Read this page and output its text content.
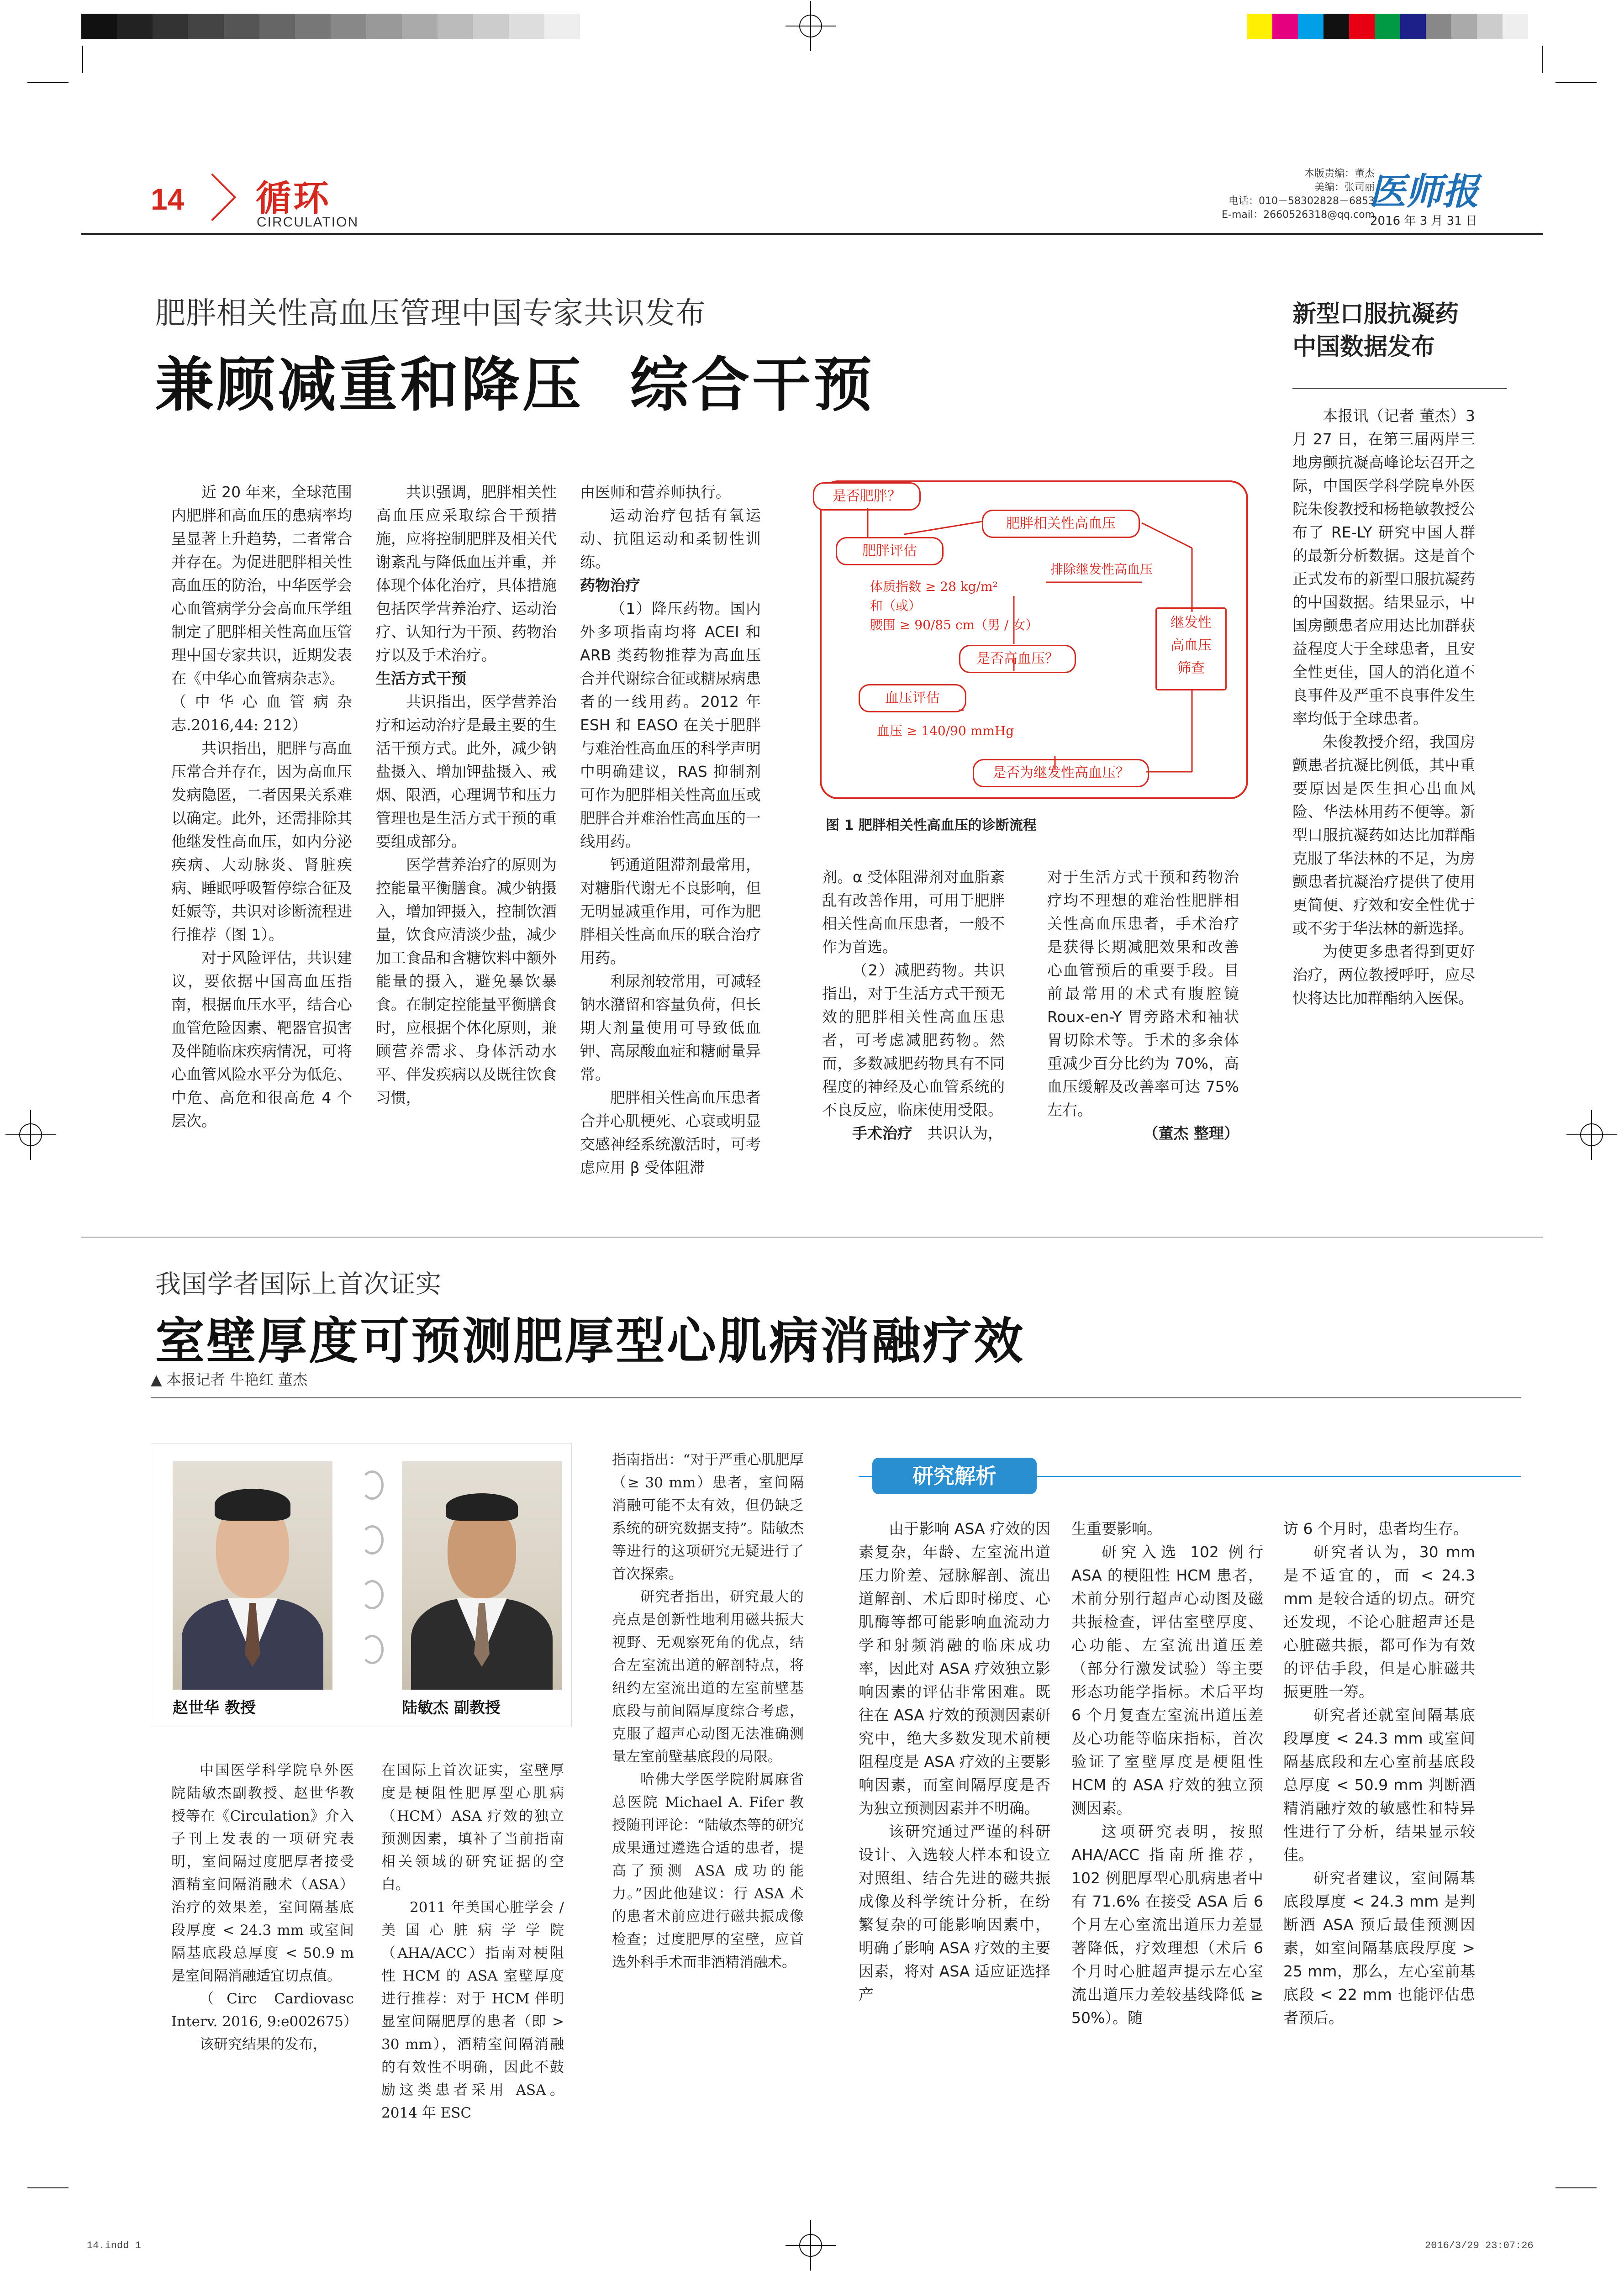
14 循环
CIRCULATION
本版责编：董杰
美编：张司丽
电话：010－58302828－6853
E-mail：2660526318@qq.com
医师报
2016 年 3 月 31 日
肥胖相关性高血压管理中国专家共识发布
兼顾减重和降压  综合干预

近 20 年来，全球范围内肥胖和高血压的患病率均呈显著上升趋势，二者常合并存在。为促进肥胖相关性高血压的防治，中华医学会心血管病学分会高血压学组制定了肥胖相关性高血压管理中国专家共识，近期发表在《中华心血管病杂志》。

（中华心血管病杂志.2016,44: 212）

共识指出，肥胖与高血压常合并存在，因为高血压发病隐匿，二者因果关系难以确定。此外，还需排除其他继发性高血压，如内分泌疾病、大动脉炎、肾脏疾病、睡眠呼吸暂停综合征及妊娠等，共识对诊断流程进行推荐（图 1）。

对于风险评估，共识建议，要依据中国高血压指南，根据血压水平，结合心血管危险因素、靶器官损害及伴随临床疾病情况，可将心血管风险水平分为低危、中危、高危和很高危 4 个层次。

共识强调，肥胖相关性高血压应采取综合干预措施，应将控制肥胖及相关代谢紊乱与降低血压并重，并体现个体化治疗，具体措施包括医学营养治疗、运动治疗、认知行为干预、药物治疗以及手术治疗。

生活方式干预

共识指出，医学营养治疗和运动治疗是最主要的生活干预方式。此外，减少钠盐摄入、增加钾盐摄入、戒烟、限酒，心理调节和压力管理也是生活方式干预的重要组成部分。

医学营养治疗的原则为控能量平衡膳食。减少钠摄入，增加钾摄入，控制饮酒量，饮食应清淡少盐，减少加工食品和含糖饮料中额外能量的摄入，避免暴饮暴食。在制定控能量平衡膳食时，应根据个体化原则，兼顾营养需求、身体活动水平、伴发疾病以及既往饮食习惯，

由医师和营养师执行。

运动治疗包括有氧运动、抗阻运动和柔韧性训练。

药物治疗

（1）降压药物。国内外多项指南均将 ACEI 和 ARB 类药物推荐为高血压合并代谢综合征或糖尿病患者的一线用药。2012 年 ESH 和 EASO 在关于肥胖与难治性高血压的科学声明中明确建议，RAS 抑制剂可作为肥胖相关性高血压或肥胖合并难治性高血压的一线用药。

钙通道阻滞剂最常用，对糖脂代谢无不良影响，但无明显减重作用，可作为肥胖相关性高血压的联合治疗用药。

利尿剂较常用，可减轻钠水潴留和容量负荷，但长期大剂量使用可导致低血钾、高尿酸血症和糖耐量异常。

肥胖相关性高血压患者合并心肌梗死、心衰或明显交感神经系统激活时，可考虑应用 β 受体阻滞

是否肥胖？
肥胖评估
体质指数 ≥ 28 kg/m²
和（或）
腰围 ≥ 90/85 cm（男 / 女）
是否高血压？
血压评估
血压 ≥ 140/90 mmHg
是否为继发性高血压？
肥胖相关性高血压
排除继发性高血压
继发性
高血压
筛查
图 1 肥胖相关性高血压的诊断流程

剂。α 受体阻滞剂对血脂紊乱有改善作用，可用于肥胖相关性高血压患者，一般不作为首选。

（2）减肥药物。共识指出，对于生活方式干预无效的肥胖相关性高血压患者，可考虑减肥药物。然而，多数减肥药物具有不同程度的神经及心血管系统的不良反应，临床使用受限。

手术治疗　 共识认为，

对于生活方式干预和药物治疗均不理想的难治性肥胖相关性高血压患者，手术治疗是获得长期减肥效果和改善心血管预后的重要手段。目前最常用的术式有腹腔镜 Roux-en-Y 胃旁路术和袖状胃切除术等。手术的多余体重减少百分比约为 70%，高血压缓解及改善率可达 75% 左右。

（董杰 整理）

新型口服抗凝药
中国数据发布

本报讯（记者 董杰）3 月 27 日，在第三届两岸三地房颤抗凝高峰论坛召开之际，中国医学科学院阜外医院朱俊教授和杨艳敏教授公布了 RE-LY 研究中国人群的最新分析数据。这是首个正式发布的新型口服抗凝药的中国数据。结果显示，中国房颤患者应用达比加群获益程度大于全球患者，且安全性更佳，国人的消化道不良事件及严重不良事件发生率均低于全球患者。

朱俊教授介绍，我国房颤患者抗凝比例低，其中重要原因是医生担心出血风险、华法林用药不便等。新型口服抗凝药如达比加群酯克服了华法林的不足，为房颤患者抗凝治疗提供了使用更简便、疗效和安全性优于或不劣于华法林的新选择。

为使更多患者得到更好治疗，两位教授呼吁，应尽快将达比加群酯纳入医保。

我国学者国际上首次证实
室壁厚度可预测肥厚型心肌病消融疗效
▲ 本报记者 牛艳红 董杰
赵世华 教授	陆敏杰 副教授

中国医学科学院阜外医院陆敏杰副教授、赵世华教授等在《Circulation》介入子刊上发表的一项研究表明，室间隔过度肥厚者接受酒精室间隔消融术（ASA）治疗的效果差，室间隔基底段厚度 < 24.3 mm 或室间隔基底段总厚度 < 50.9 m 是室间隔消融适宜切点值。

（Circ Cardiovasc Interv. 2016, 9:e002675）

该研究结果的发布，

在国际上首次证实，室壁厚度是梗阻性肥厚型心肌病（HCM）ASA 疗效的独立预测因素，填补了当前指南相关领域的研究证据的空白。

2011 年美国心脏学会 / 美国心脏病学学院（AHA/ACC）指南对梗阻性 HCM 的 ASA 室壁厚度进行推荐：对于 HCM 伴明显室间隔肥厚的患者（即 > 30 mm），酒精室间隔消融的有效性不明确，因此不鼓励这类患者采用 ASA。2014 年 ESC

指南指出：“对于严重心肌肥厚（≥ 30 mm）患者，室间隔消融可能不太有效，但仍缺乏系统的研究数据支持”。陆敏杰等进行的这项研究无疑进行了首次探索。

研究者指出，研究最大的亮点是创新性地利用磁共振大视野、无观察死角的优点，结合左室流出道的解剖特点，将纽约左室流出道的左室前壁基底段与前间隔厚度综合考虑，克服了超声心动图无法准确测量左室前壁基底段的局限。

哈佛大学医学院附属麻省总医院 Michael A. Fifer 教授随刊评论：“陆敏杰等的研究成果通过遴选合适的患者，提高了预测 ASA 成功的能力。”因此他建议：行 ASA 术的患者术前应进行磁共振成像检查；过度肥厚的室壁，应首选外科手术而非酒精消融术。

研究解析

由于影响 ASA 疗效的因素复杂，年龄、左室流出道压力阶差、冠脉解剖、流出道解剖、术后即时梯度、心肌酶等都可能影响血流动力学和射频消融的临床成功率，因此对 ASA 疗效独立影响因素的评估非常困难。既往在 ASA 疗效的预测因素研究中，绝大多数发现术前梗阻程度是 ASA 疗效的主要影响因素，而室间隔厚度是否为独立预测因素并不明确。

该研究通过严谨的科研设计、入选较大样本和设立对照组、结合先进的磁共振成像及科学统计分析，在纷繁复杂的可能影响因素中，明确了影响 ASA 疗效的主要因素，将对 ASA 适应证选择产

生重要影响。

研究入选 102 例行 ASA 的梗阻性 HCM 患者，术前分别行超声心动图及磁共振检查，评估室壁厚度、心功能、左室流出道压差（部分行激发试验）等主要形态功能学指标。术后平均 6 个月复查左室流出道压差及心功能等临床指标，首次验证了室壁厚度是梗阻性 HCM 的 ASA 疗效的独立预测因素。

这项研究表明，按照 AHA/ACC 指南所推荐，102 例肥厚型心肌病患者中有 71.6% 在接受 ASA 后 6 个月左心室流出道压力差显著降低，疗效理想（术后 6 个月时心脏超声提示左心室流出道压力差较基线降低 ≥ 50%）。随

访 6 个月时，患者均生存。

研究者认为，30 mm 是不适宜的，而 < 24.3 mm 是较合适的切点。研究还发现，不论心脏超声还是心脏磁共振，都可作为有效的评估手段，但是心脏磁共振更胜一筹。

研究者还就室间隔基底段厚度 < 24.3 mm 或室间隔基底段和左心室前基底段总厚度 < 50.9 mm 判断酒精消融疗效的敏感性和特异性进行了分析，结果显示较佳。

研究者建议，室间隔基底段厚度 < 24.3 mm 是判断酒 ASA 预后最佳预测因素，如室间隔基底段厚度 > 25 mm，那么，左心室前基底段 < 22 mm 也能评估患者预后。

14.indd 1	2016/3/29 23:07:26
